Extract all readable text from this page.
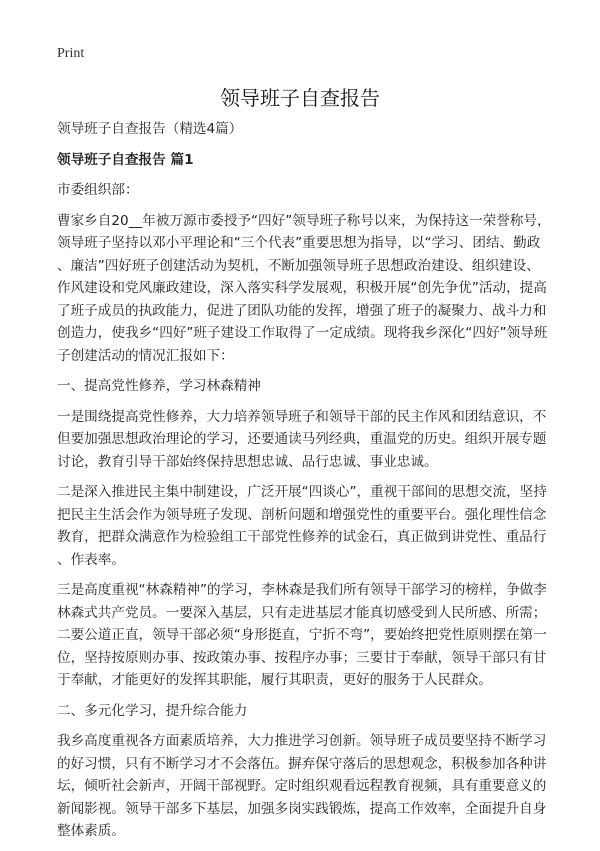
Print
领导班子自查报告
领导班子自查报告（精选4篇）
领导班子自查报告 篇1
市委组织部：
曹家乡自20__年被万源市委授予“四好”领导班子称号以来，为保持这一荣誉称号，
领导班子坚持以邓小平理论和“三个代表”重要思想为指导，以“学习、团结、勤政
、廉洁”四好班子创建活动为契机，不断加强领导班子思想政治建设、组织建设、
作风建设和党风廉政建设，深入落实科学发展观，积极开展“创先争优”活动，提高
了班子成员的执政能力，促进了团队功能的发挥，增强了班子的凝聚力、战斗力和
创造力，使我乡“四好”班子建设工作取得了一定成绩。现将我乡深化“四好”领导班
子创建活动的情况汇报如下：
一、提高党性修养，学习林森精神
一是围绕提高党性修养，大力培养领导班子和领导干部的民主作风和团结意识，不
但要加强思想政治理论的学习，还要通读马列经典，重温党的历史。组织开展专题
讨论，教育引导干部始终保持思想忠诚、品行忠诚、事业忠诚。
二是深入推进民主集中制建设，广泛开展“四谈心”，重视干部间的思想交流，坚持
把民主生活会作为领导班子发现、剖析问题和增强党性的重要平台。强化理性信念
教育，把群众满意作为检验组工干部党性修养的试金石，真正做到讲党性、重品行
、作表率。
三是高度重视“林森精神”的学习，李林森是我们所有领导干部学习的榜样，争做李
林森式共产党员。一要深入基层，只有走进基层才能真切感受到人民所感、所需；
二要公道正直，领导干部必须“身形挺直，宁折不弯”，要始终把党性原则摆在第一
位，坚持按原则办事、按政策办事、按程序办事；三要甘于奉献，领导干部只有甘
于奉献，才能更好的发挥其职能，履行其职责，更好的服务于人民群众。
二、多元化学习，提升综合能力
我乡高度重视各方面素质培养，大力推进学习创新。领导班子成员要坚持不断学习
的好习惯，只有不断学习才不会落伍。摒弃保守落后的思想观念，积极参加各种讲
坛，倾听社会新声，开阔干部视野。定时组织观看远程教育视频，具有重要意义的
新闻影视。领导干部多下基层，加强多岗实践锻炼，提高工作效率，全面提升自身
整体素质。
